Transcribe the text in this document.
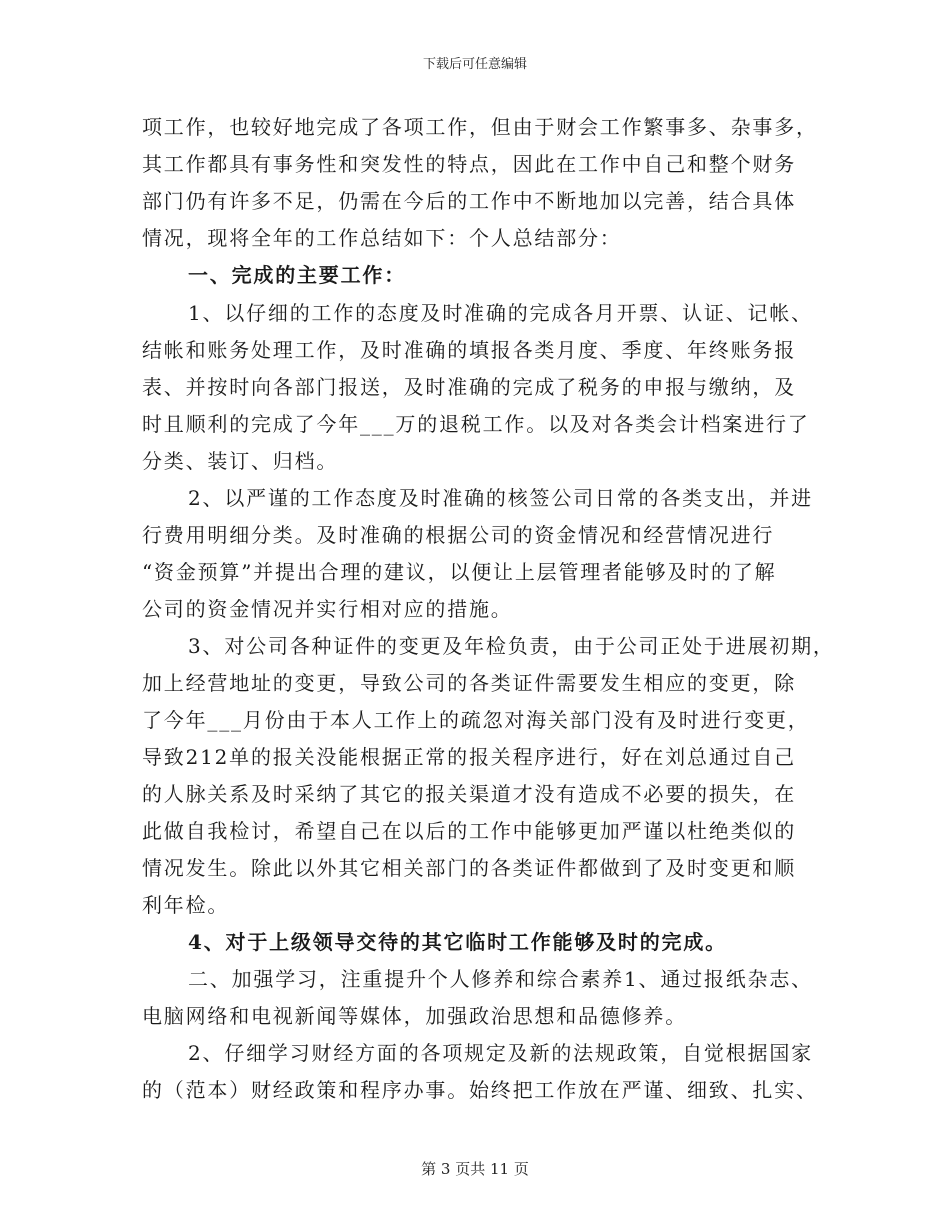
下载后可任意编辑
项工作，也较好地完成了各项工作，但由于财会工作繁事多、杂事多，
其工作都具有事务性和突发性的特点，因此在工作中自己和整个财务
部门仍有许多不足，仍需在今后的工作中不断地加以完善，结合具体
情况，现将全年的工作总结如下：个人总结部分：
一、完成的主要工作：
1、以仔细的工作的态度及时准确的完成各月开票、认证、记帐、
结帐和账务处理工作，及时准确的填报各类月度、季度、年终账务报
表、并按时向各部门报送，及时准确的完成了税务的申报与缴纳，及
时且顺利的完成了今年___万的退税工作。以及对各类会计档案进行了
分类、装订、归档。
2、以严谨的工作态度及时准确的核签公司日常的各类支出，并进
行费用明细分类。及时准确的根据公司的资金情况和经营情况进行
“资金预算”并提出合理的建议，以便让上层管理者能够及时的了解
公司的资金情况并实行相对应的措施。
3、对公司各种证件的变更及年检负责，由于公司正处于进展初期，
加上经营地址的变更，导致公司的各类证件需要发生相应的变更，除
了今年___月份由于本人工作上的疏忽对海关部门没有及时进行变更，
导致212单的报关没能根据正常的报关程序进行，好在刘总通过自己
的人脉关系及时采纳了其它的报关渠道才没有造成不必要的损失，在
此做自我检讨，希望自己在以后的工作中能够更加严谨以杜绝类似的
情况发生。除此以外其它相关部门的各类证件都做到了及时变更和顺
利年检。
4、对于上级领导交待的其它临时工作能够及时的完成。
二、加强学习，注重提升个人修养和综合素养1、通过报纸杂志、
电脑网络和电视新闻等媒体，加强政治思想和品德修养。
2、仔细学习财经方面的各项规定及新的法规政策，自觉根据国家
的（范本）财经政策和程序办事。始终把工作放在严谨、细致、扎实、
第 3 页共 11 页
